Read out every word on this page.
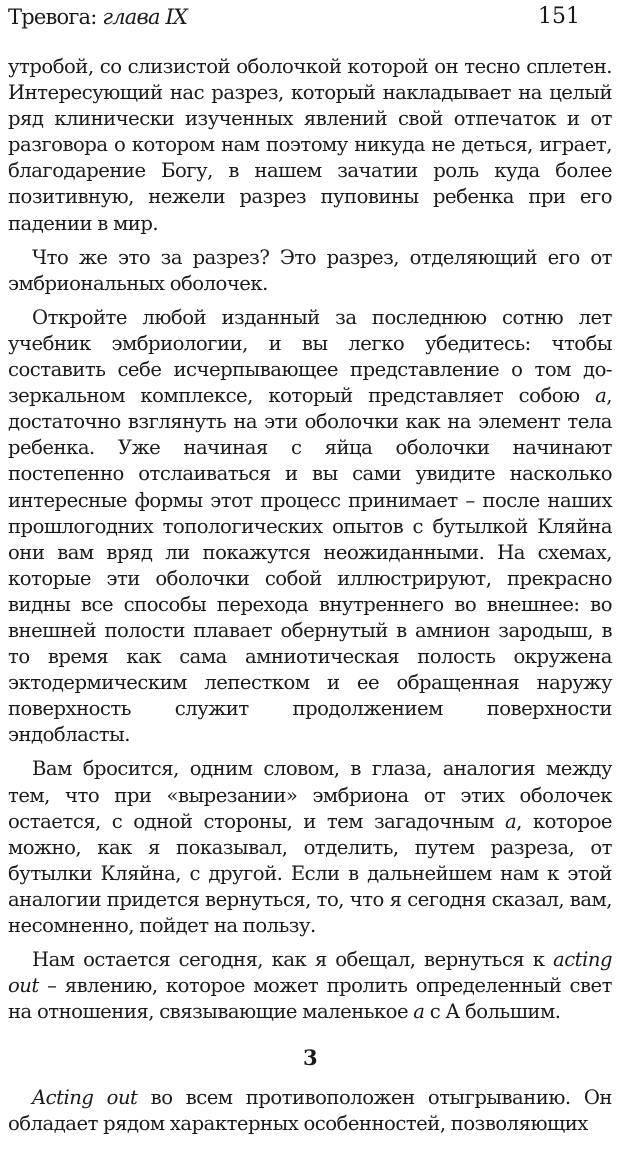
Тревога: глава IX	151

утробой, со слизистой оболочкой которой он тесно сплетен. Интересующий нас разрез, который накладывает на целый ряд клинически изученных явлений свой отпечаток и от разговора о котором нам поэтому никуда не деться, играет, благодарение Богу, в нашем зачатии роль куда более позитивную, нежели разрез пуповины ребенка при его падении в мир.

Что же это за разрез? Это разрез, отделяющий его от эмбриональных оболочек.

Откройте любой изданный за последнюю сотню лет учебник эмбриологии, и вы легко убедитесь: чтобы составить себе исчерпывающее представление о том до-зеркальном комплексе, который представляет собою а, достаточно взглянуть на эти оболочки как на элемент тела ребенка. Уже начиная с яйца оболочки начинают постепенно отслаиваться и вы сами увидите насколько интересные формы этот процесс принимает – после наших прошлогодних топологических опытов с бутылкой Кляйна они вам вряд ли покажутся неожиданными. На схемах, которые эти оболочки собой иллюстрируют, прекрасно видны все способы перехода внутреннего во внешнее: во внешней полости плавает обернутый в амнион зародыш, в то время как сама амниотическая полость окружена эктодермическим лепестком и ее обращенная наружу поверхность служит продолжением поверхности эндобласты.

Вам бросится, одним словом, в глаза, аналогия между тем, что при «вырезании» эмбриона от этих оболочек остается, с одной стороны, и тем загадочным а, которое можно, как я показывал, отделить, путем разреза, от бутылки Кляйна, с другой. Если в дальнейшем нам к этой аналогии придется вернуться, то, что я сегодня сказал, вам, несомненно, пойдет на пользу.

Нам остается сегодня, как я обещал, вернуться к acting out – явлению, которое может пролить определенный свет на отношения, связывающие маленькое а с А большим.

3

Acting out во всем противоположен отыгрыванию. Он обладает рядом характерных особенностей, позволяющих
